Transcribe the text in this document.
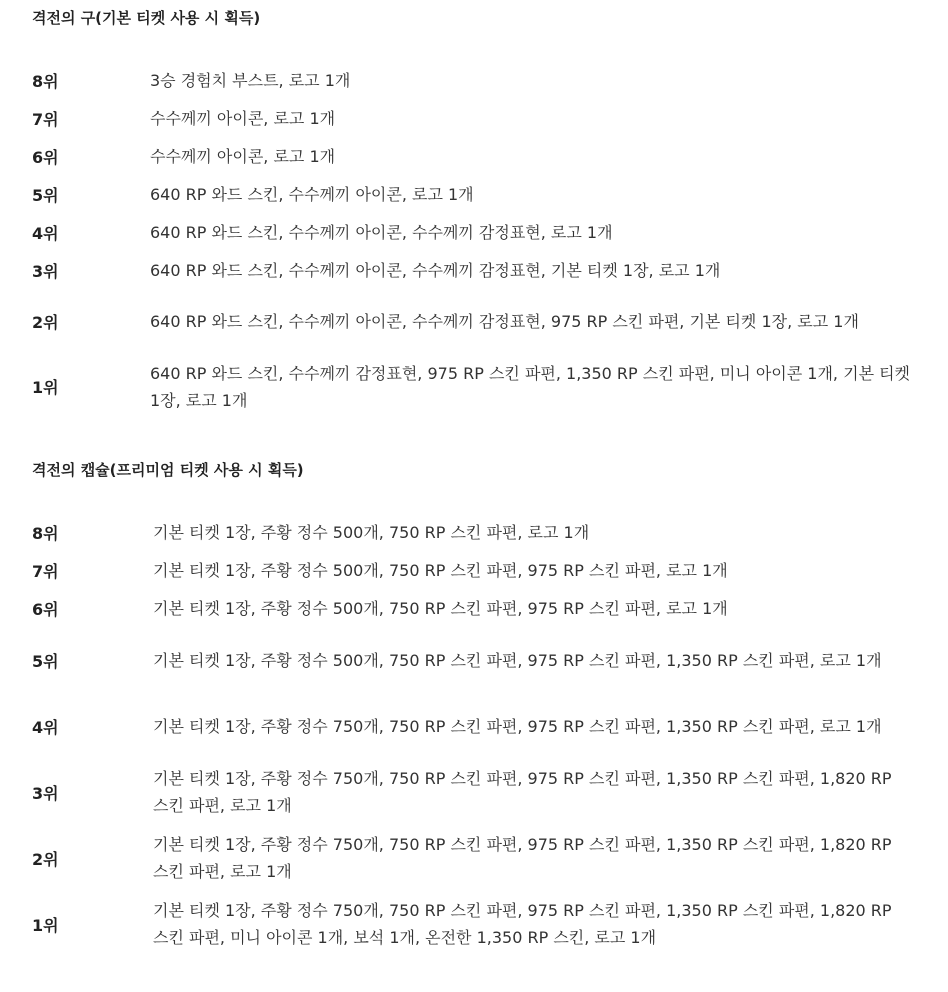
격전의 구(기본 티켓 사용 시 획득)
8위	3승 경험치 부스트, 로고 1개
7위	수수께끼 아이콘, 로고 1개
6위	수수께끼 아이콘, 로고 1개
5위	640 RP 와드 스킨, 수수께끼 아이콘, 로고 1개
4위	640 RP 와드 스킨, 수수께끼 아이콘, 수수께끼 감정표현, 로고 1개
3위	640 RP 와드 스킨, 수수께끼 아이콘, 수수께끼 감정표현, 기본 티켓 1장, 로고 1개
2위	640 RP 와드 스킨, 수수께끼 아이콘, 수수께끼 감정표현, 975 RP 스킨 파편, 기본 티켓 1장, 로고 1개
1위	640 RP 와드 스킨, 수수께끼 감정표현, 975 RP 스킨 파편, 1,350 RP 스킨 파편, 미니 아이콘 1개, 기본 티켓 1장, 로고 1개
격전의 캡슐(프리미엄 티켓 사용 시 획득)
8위	기본 티켓 1장, 주황 정수 500개, 750 RP 스킨 파편, 로고 1개
7위	기본 티켓 1장, 주황 정수 500개, 750 RP 스킨 파편, 975 RP 스킨 파편, 로고 1개
6위	기본 티켓 1장, 주황 정수 500개, 750 RP 스킨 파편, 975 RP 스킨 파편, 로고 1개
5위	기본 티켓 1장, 주황 정수 500개, 750 RP 스킨 파편, 975 RP 스킨 파편, 1,350 RP 스킨 파편, 로고 1개
4위	기본 티켓 1장, 주황 정수 750개, 750 RP 스킨 파편, 975 RP 스킨 파편, 1,350 RP 스킨 파편, 로고 1개
3위	기본 티켓 1장, 주황 정수 750개, 750 RP 스킨 파편, 975 RP 스킨 파편, 1,350 RP 스킨 파편, 1,820 RP 스킨 파편, 로고 1개
2위	기본 티켓 1장, 주황 정수 750개, 750 RP 스킨 파편, 975 RP 스킨 파편, 1,350 RP 스킨 파편, 1,820 RP 스킨 파편, 로고 1개
1위	기본 티켓 1장, 주황 정수 750개, 750 RP 스킨 파편, 975 RP 스킨 파편, 1,350 RP 스킨 파편, 1,820 RP 스킨 파편, 미니 아이콘 1개, 보석 1개, 온전한 1,350 RP 스킨, 로고 1개
